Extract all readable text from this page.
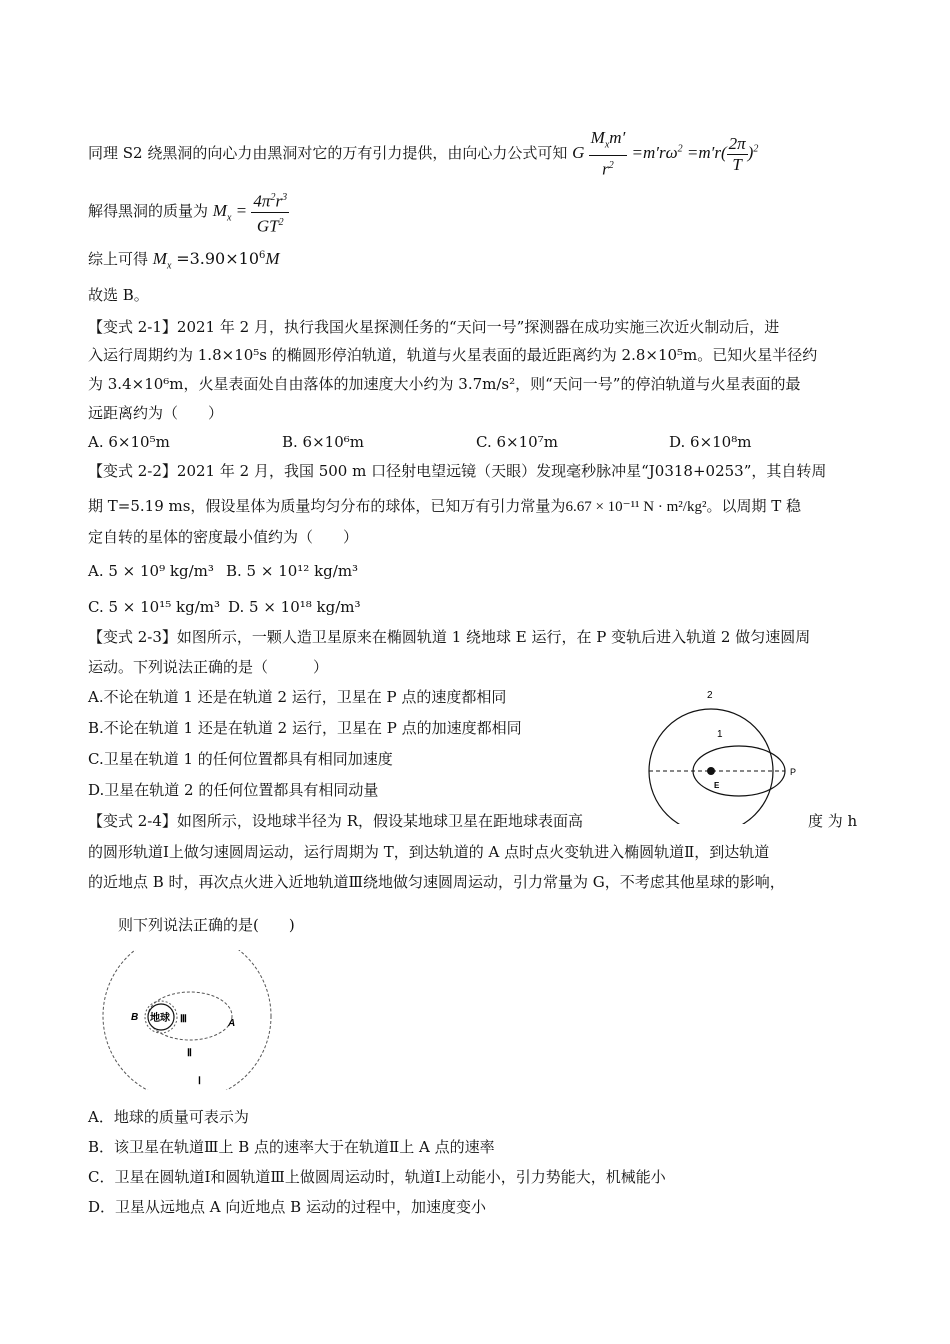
同理 S2 绕黑洞的向心力由黑洞对它的万有引力提供，由向心力公式可知 G $\frac{M_xm'}{r^2} =m'r\omega^2 =m'r( \frac{2\pi}{T} )^2$
解得黑洞的质量为 $M_x = \frac{4\pi^2r^3}{GT^2}$
综上可得 $M_x =3.90\times 10^6M$
故选 B。
【变式 2-1】2021 年 2 月，执行我国火星探测任务的“天问一号”探测器在成功实施三次近火制动后，进
入运行周期约为 1.8×10⁵s 的椭圆形停泊轨道，轨道与火星表面的最近距离约为 2.8×10⁵m。已知火星半径约
为 3.4×10⁶m，火星表面处自由落体的加速度大小约为 3.7m/s²，则“天问一号”的停泊轨道与火星表面的最
远距离约为（　　）
A. 6×10⁵m	B. 6×10⁶m	C. 6×10⁷m	D. 6×10⁸m
【变式 2-2】2021 年 2 月，我国 500 m 口径射电望远镜（天眼）发现毫秒脉冲星“J0318+0253”，其自转周
期 T=5.19 ms，假设星体为质量均匀分布的球体，已知万有引力常量为6.67 × 10⁻¹¹ N · m²/kg²。以周期 T 稳
定自转的星体的密度最小值约为（　　）
A. 5 × 10⁹ kg/m³ B. 5 × 10¹² kg/m³
C. 5 × 10¹⁵ kg/m³ D. 5 × 10¹⁸ kg/m³
【变式 2-3】如图所示，一颗人造卫星原来在椭圆轨道 1 绕地球 E 运行，在 P 变轨后进入轨道 2 做匀速圆周
运动。下列说法正确的是（　　　）
A.不论在轨道 1 还是在轨道 2 运行，卫星在 P 点的速度都相同
B.不论在轨道 1 还是在轨道 2 运行，卫星在 P 点的加速度都相同
C.卫星在轨道 1 的任何位置都具有相同加速度
D.卫星在轨道 2 的任何位置都具有相同动量
2
1
P
E
【变式 2-4】如图所示，设地球半径为 R，假设某地球卫星在距地球表面高	度 为 h
的圆形轨道Ⅰ上做匀速圆周运动，运行周期为 T，到达轨道的 A 点时点火变轨进入椭圆轨道Ⅱ，到达轨道
的近地点 B 时，再次点火进入近地轨道Ⅲ绕地做匀速圆周运动，引力常量为 G，不考虑其他星球的影响，
则下列说法正确的是(　　)
地球
B
A
Ⅲ
Ⅱ
Ⅰ
A．地球的质量可表示为
B．该卫星在轨道Ⅲ上 B 点的速率大于在轨道Ⅱ上 A 点的速率
C．卫星在圆轨道Ⅰ和圆轨道Ⅲ上做圆周运动时，轨道Ⅰ上动能小，引力势能大，机械能小
D．卫星从远地点 A 向近地点 B 运动的过程中，加速度变小
